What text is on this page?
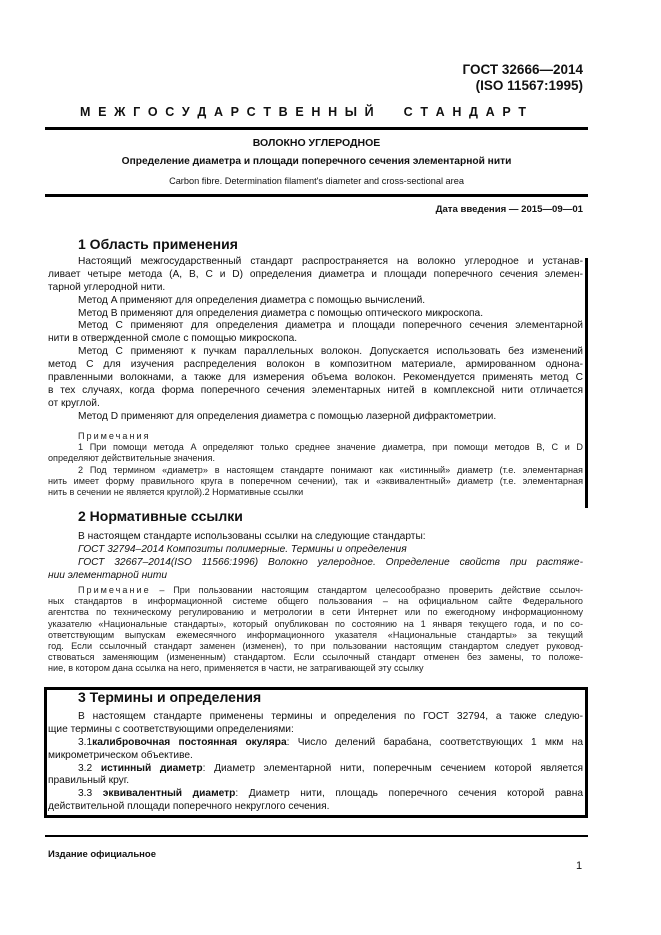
ГОСТ 32666—2014
(ISO 11567:1995)
М Е Ж Г О С У Д А Р С Т В Е Н Н Ы Й     С Т А Н Д А Р Т
ВОЛОКНО УГЛЕРОДНОЕ
Определение диаметра и площади поперечного сечения элементарной нити
Carbon fibre. Determination filament's diameter and cross-sectional area
Дата введения — 2015—09—01
1 Область применения
Настоящий межгосударственный стандарт распространяется на волокно углеродное и устанав-
ливает четыре метода (A, B, C и D) определения диаметра и площади поперечного сечения элемен-
тарной углеродной нити.
Метод A применяют для определения диаметра с помощью вычислений.
Метод B применяют для определения диаметра с помощью оптического микроскопа.
Метод C применяют для определения диаметра и площади поперечного сечения элементарной
нити в отвержденной смоле с помощью микроскопа.
Метод C применяют к пучкам параллельных волокон. Допускается использовать без изменений
метод C для изучения распределения волокон в композитном материале, армированном однона-
правленными волокнами, а также для измерения объема волокон. Рекомендуется применять метод C
в тех случаях, когда форма поперечного сечения элементарных нитей в комплексной нити отличается
от круглой.
Метод D применяют для определения диаметра с помощью лазерной дифрактометрии.
Примечания
1 При помощи метода A определяют только среднее значение диаметра, при помощи методов B, C и D
определяют действительные значения.
2 Под термином «диаметр» в настоящем стандарте понимают как «истинный» диаметр (т.е. элементарная
нить имеет форму правильного круга в поперечном сечении), так и «эквивалентный» диаметр (т.е. элементарная
нить в сечении не является круглой).2 Нормативные ссылки
2 Нормативные ссылки
В настоящем стандарте использованы ссылки на следующие стандарты:
ГОСТ 32794–2014 Композиты полимерные. Термины и определения
ГОСТ 32667–2014(ISO 11566:1996) Волокно углеродное. Определение свойств при растяже-
нии элементарной нити
Примечание – При пользовании настоящим стандартом целесообразно проверить действие ссылоч-
ных стандартов в информационной системе общего пользования – на официальном сайте Федерального
агентства по техническому регулированию и метрологии в сети Интернет или по ежегодному информационному
указателю «Национальные стандарты», который опубликован по состоянию на 1 января текущего года, и по со-
ответствующим выпускам ежемесячного информационного указателя «Национальные стандарты» за текущий
год. Если ссылочный стандарт заменен (изменен), то при пользовании настоящим стандартом следует руковод-
ствоваться заменяющим (измененным) стандартом. Если ссылочный стандарт отменен без замены, то положе-
ние, в котором дана ссылка на него, применяется в части, не затрагивающей эту ссылку
3 Термины и определения
В настоящем стандарте применены термины и определения по ГОСТ 32794, а также следую-
щие термины с соответствующими определениями:
3.1калибровочная постоянная окуляра: Число делений барабана, соответствующих 1 мкм на
микрометрическом объективе.
3.2 истинный диаметр: Диаметр элементарной нити, поперечным сечением которой является
правильный круг.
3.3 эквивалентный диаметр: Диаметр нити, площадь поперечного сечения которой равна
действительной площади поперечного некруглого сечения.
Издание официальное
1
